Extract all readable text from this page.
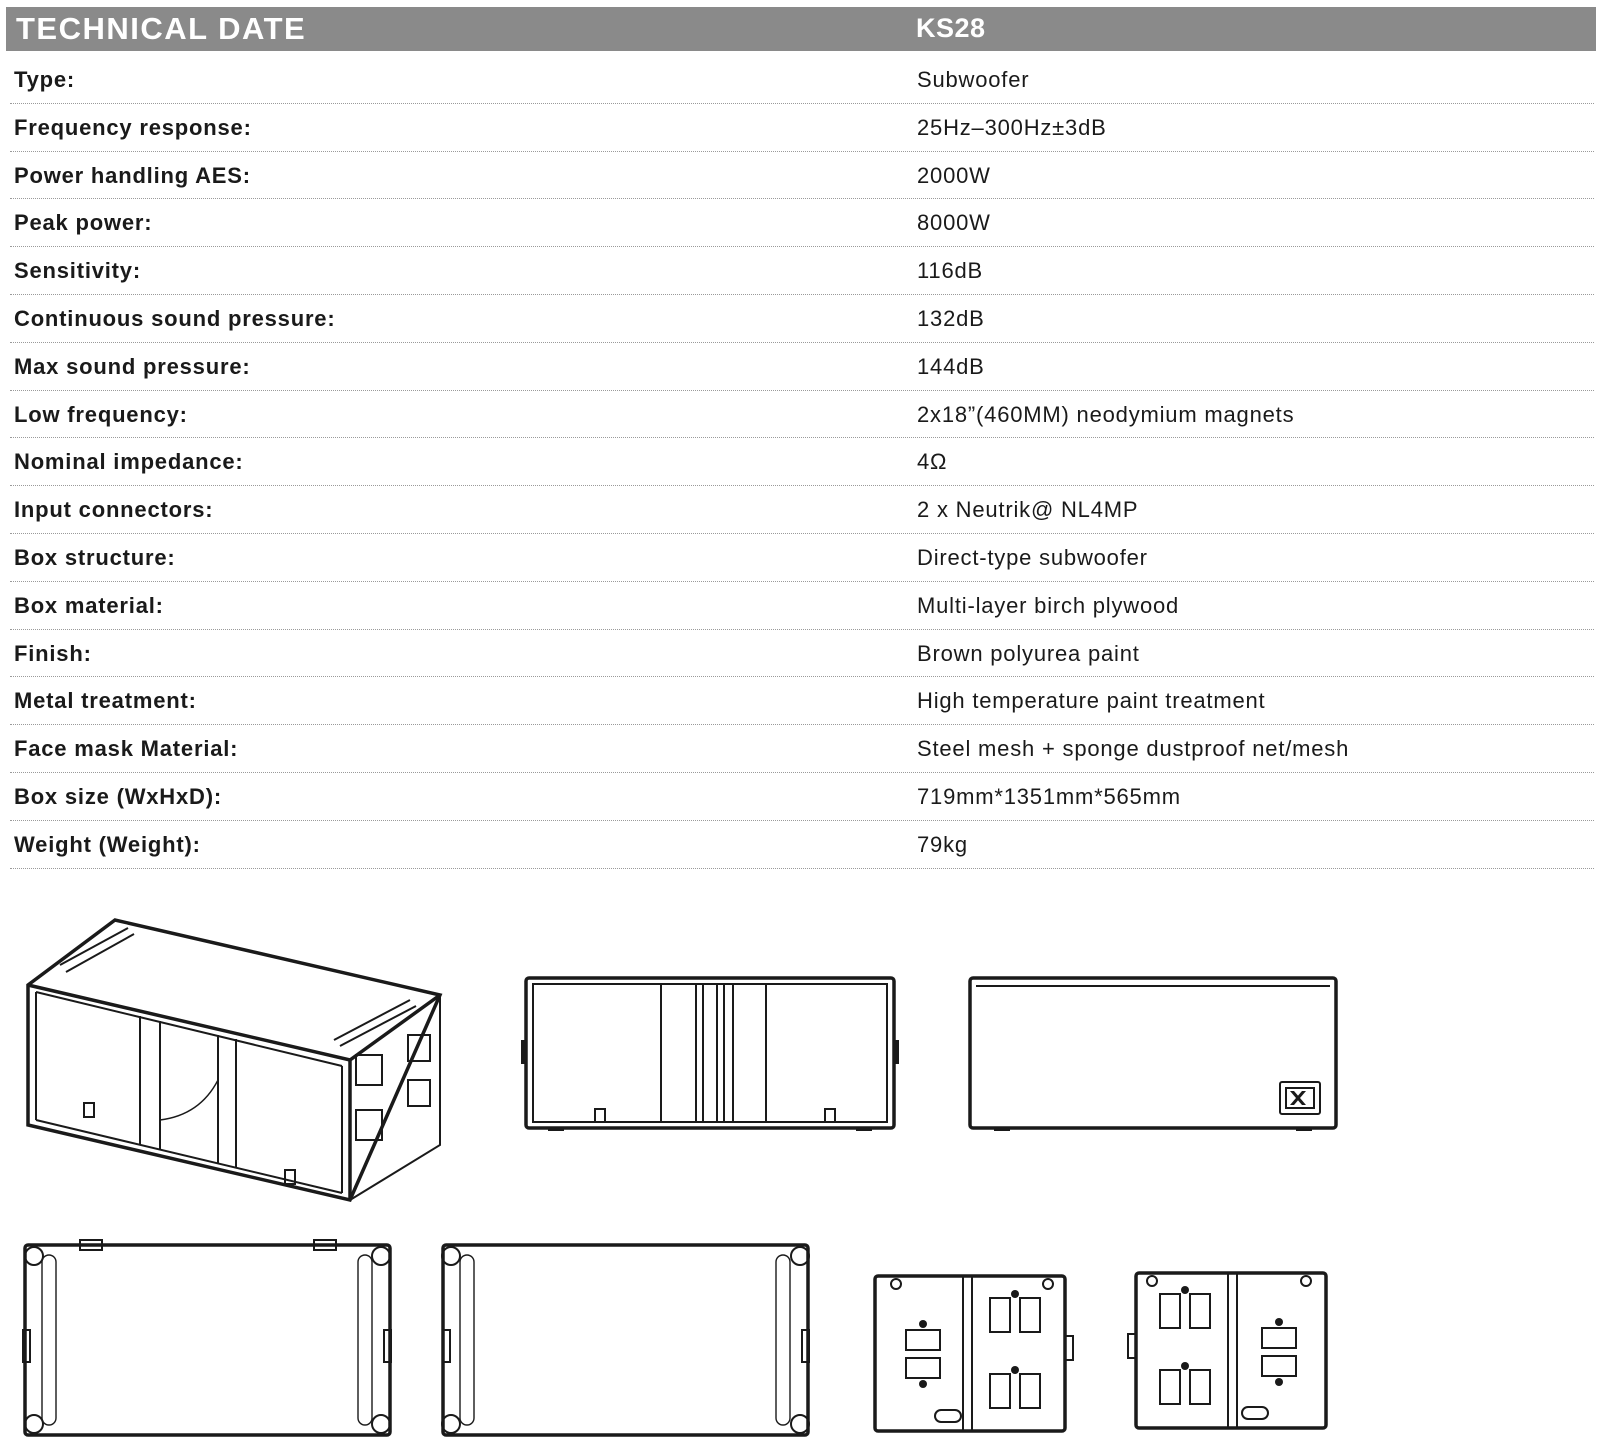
TECHNICAL DATE	KS28
Type:	Subwoofer
Frequency response:	25Hz–300Hz±3dB
Power handling AES:	2000W
Peak power:	8000W
Sensitivity:	116dB
Continuous sound pressure:	132dB
Max sound pressure:	144dB
Low frequency:	2x18”(460MM) neodymium magnets
Nominal impedance:	4Ω
Input connectors:	2 x Neutrik@ NL4MP
Box structure:	Direct-type subwoofer
Box material:	Multi-layer birch plywood
Finish:	Brown polyurea paint
Metal treatment:	High temperature paint treatment
Face mask Material:	Steel mesh + sponge dustproof net/mesh
Box size (WxHxD):	719mm*1351mm*565mm
Weight (Weight):	79kg
